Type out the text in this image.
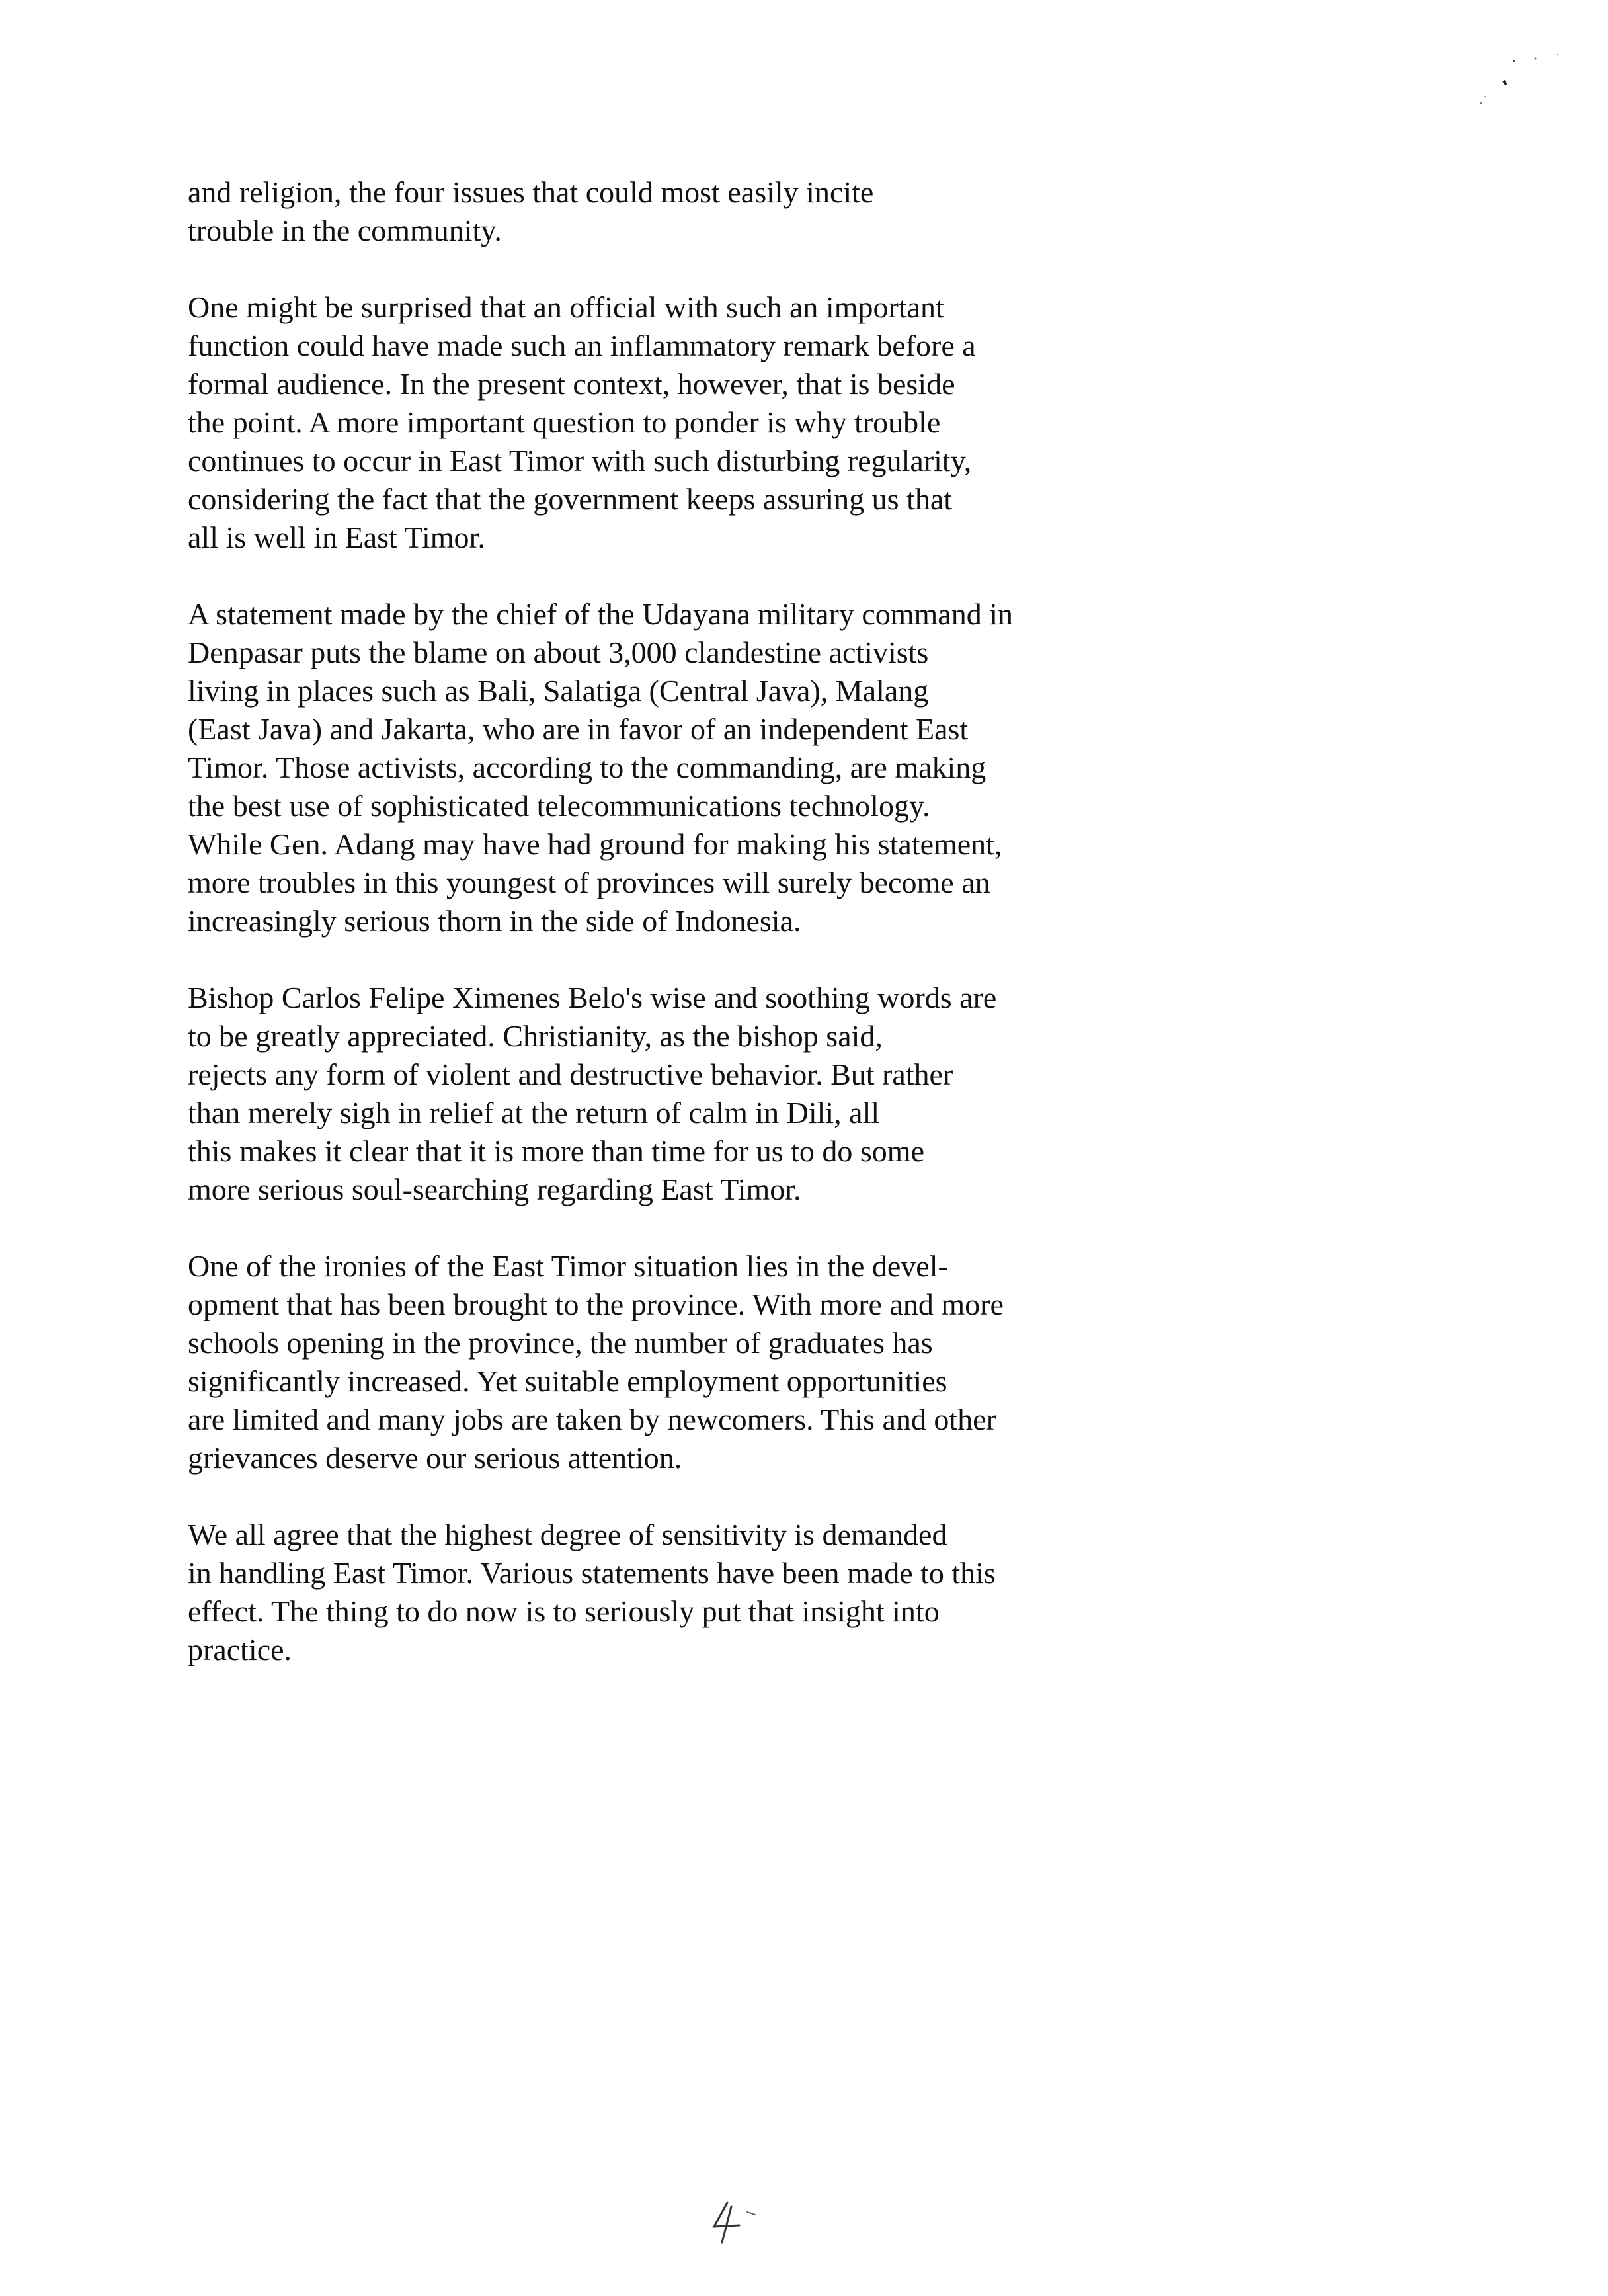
and religion, the four issues that could most easily incite
trouble in the community.

One might be surprised that an official with such an important
function could have made such an inflammatory remark before a
formal audience. In the present context, however, that is beside
the point. A more important question to ponder is why trouble
continues to occur in East Timor with such disturbing regularity,
considering the fact that the government keeps assuring us that
all is well in East Timor.

A statement made by the chief of the Udayana military command in
Denpasar puts the blame on about 3,000 clandestine activists
living in places such as Bali, Salatiga (Central Java), Malang
(East Java) and Jakarta, who are in favor of an independent East
Timor. Those activists, according to the commanding, are making
the best use of sophisticated telecommunications technology.
While Gen. Adang may have had ground for making his statement,
more troubles in this youngest of provinces will surely become an
increasingly serious thorn in the side of Indonesia.

Bishop Carlos Felipe Ximenes Belo's wise and soothing words are
to be greatly appreciated. Christianity, as the bishop said,
rejects any form of violent and destructive behavior. But rather
than merely sigh in relief at the return of calm in Dili, all
this makes it clear that it is more than time for us to do some
more serious soul-searching regarding East Timor.

One of the ironies of the East Timor situation lies in the devel-
opment that has been brought to the province. With more and more
schools opening in the province, the number of graduates has
significantly increased. Yet suitable employment opportunities
are limited and many jobs are taken by newcomers. This and other
grievances deserve our serious attention.

We all agree that the highest degree of sensitivity is demanded
in handling East Timor. Various statements have been made to this
effect. The thing to do now is to seriously put that insight into
practice.
